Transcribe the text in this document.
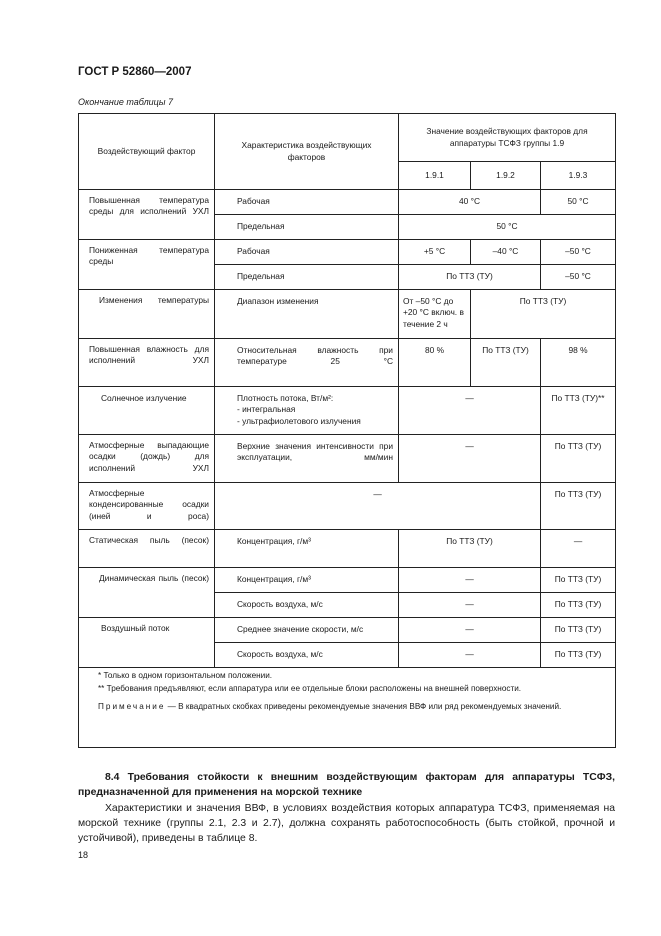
ГОСТ Р 52860—2007
Окончание таблицы 7
Воздействующий фактор	Характеристика воздействующих факторов	Значение воздействующих факторов для аппаратуры ТСФЗ группы 1.9		
		1.9.1	1.9.2	1.9.3
Повышенная температура среды для исполнений УХЛ	Рабочая	40 °С		50 °С
	Предельная	50 °С		
Пониженная температура среды	Рабочая	+5 °С	–40 °С	–50 °С
	Предельная	По ТТЗ (ТУ)		–50 °С
Изменения температуры	Диапазон изменения	От –50 °С до +20 °С включ. в течение 2 ч	По ТТЗ (ТУ)	
Повышенная влажность для исполнений УХЛ	Относительная влажность при температуре 25 °С	80 %	По ТТЗ (ТУ)	98 %
Солнечное излучение	Плотность потока, Вт/м²:
- интегральная
- ультрафиолетового излучения	—		По ТТЗ (ТУ)**
Атмосферные выпадающие осадки (дождь) для исполнений УХЛ	Верхние значения интенсивности при эксплуатации, мм/мин	—		По ТТЗ (ТУ)
Атмосферные конденсированные осадки (иней и роса)	—			По ТТЗ (ТУ)
Статическая пыль (песок)	Концентрация, г/м³	По ТТЗ (ТУ)		—
Динамическая пыль (песок)	Концентрация, г/м³	—		По ТТЗ (ТУ)
	Скорость воздуха, м/с	—		По ТТЗ (ТУ)
Воздушный поток	Среднее значение скорости, м/с	—		По ТТЗ (ТУ)
	Скорость воздуха, м/с	—		По ТТЗ (ТУ)

* Только в одном горизонтальном положении.
** Требования предъявляют, если аппаратура или ее отдельные блоки расположены на внешней поверхности.
Примечание — В квадратных скобках приведены рекомендуемые значения ВВФ или ряд рекомендуемых значений.				
8.4 Требования стойкости к внешним воздействующим факторам для аппаратуры ТСФЗ, предназначенной для применения на морской технике
Характеристики и значения ВВФ, в условиях воздействия которых аппаратура ТСФЗ, применяемая на морской технике (группы 2.1, 2.3 и 2.7), должна сохранять работоспособность (быть стойкой, прочной и устойчивой), приведены в таблице 8.
18
